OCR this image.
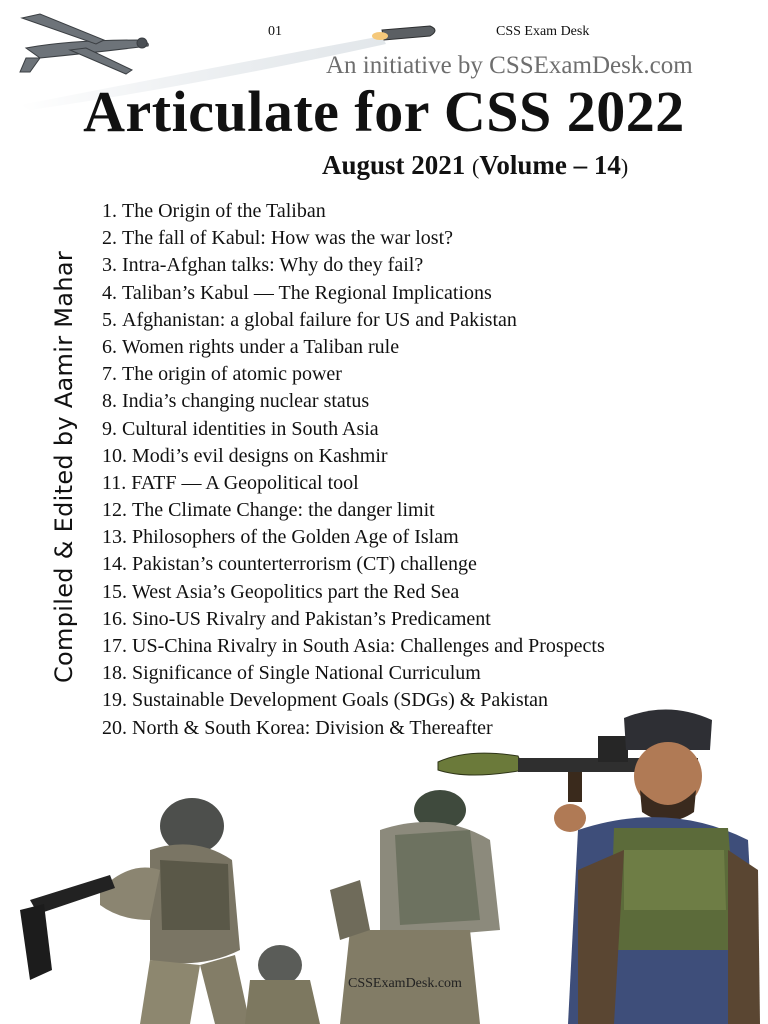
01	CSS Exam Desk
An initiative by CSSExamDesk.com
Articulate for CSS 2022
August 2021 (Volume – 14)
Compiled & Edited by Aamir Mahar
1. The Origin of the Taliban
2. The fall of Kabul: How was the war lost?
3. Intra-Afghan talks: Why do they fail?
4. Taliban’s Kabul — The Regional Implications
5. Afghanistan: a global failure for US and Pakistan
6. Women rights under a Taliban rule
7. The origin of atomic power
8. India’s changing nuclear status
9. Cultural identities in South Asia
10. Modi’s evil designs on Kashmir
11. FATF — A Geopolitical tool
12. The Climate Change: the danger limit
13. Philosophers of the Golden Age of Islam
14. Pakistan’s counterterrorism (CT) challenge
15. West Asia’s Geopolitics part the Red Sea
16. Sino-US Rivalry and Pakistan’s Predicament
17. US-China Rivalry in South Asia: Challenges and Prospects
18. Significance of Single National Curriculum
19. Sustainable Development Goals (SDGs) & Pakistan
20. North & South Korea: Division & Thereafter
CSSExamDesk.com
